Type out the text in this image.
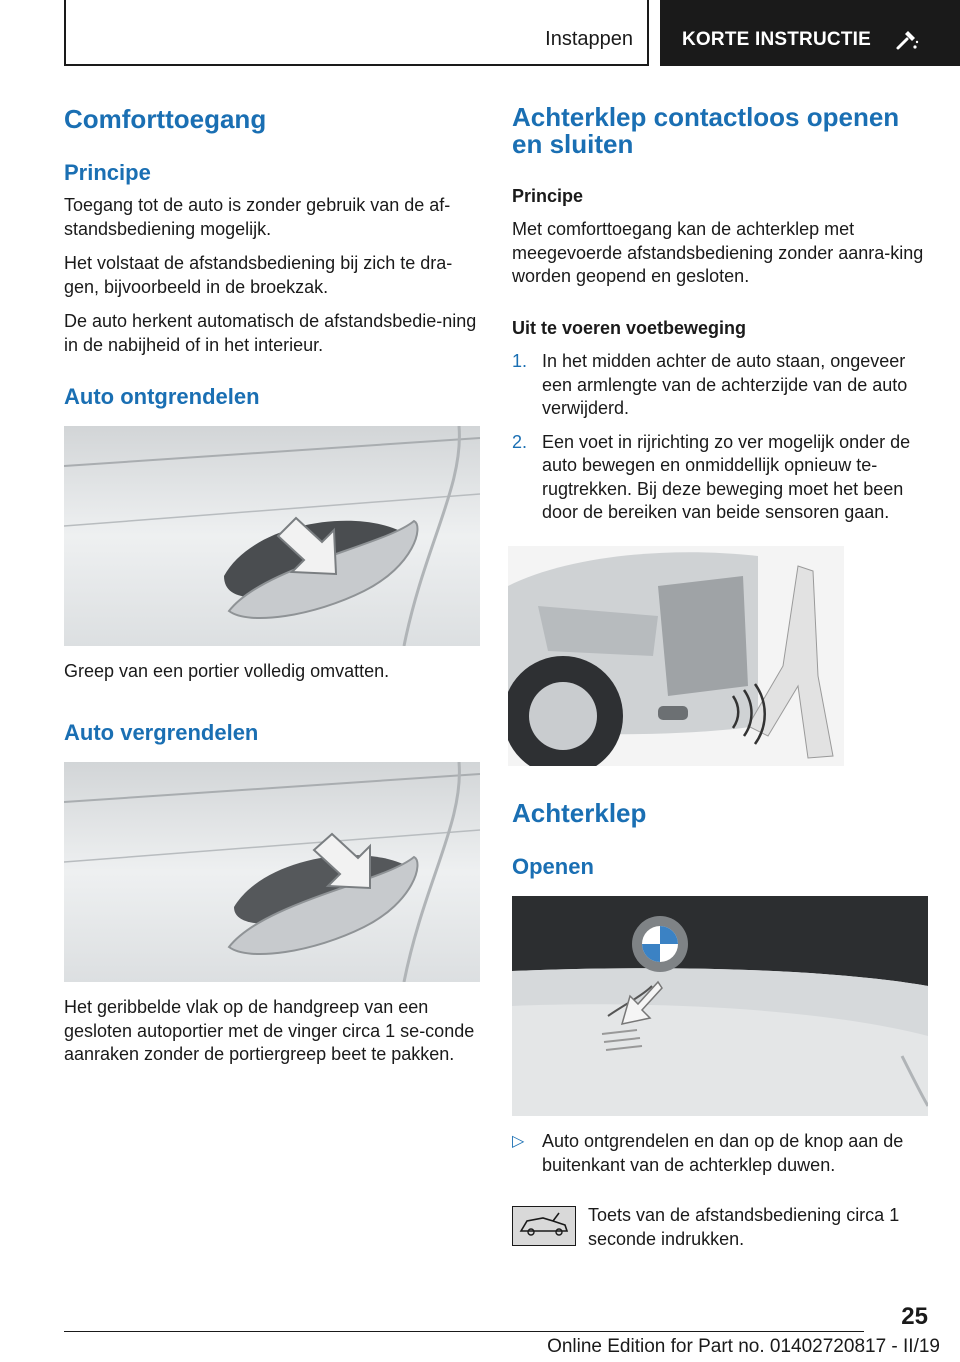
Instappen	KORTE INSTRUCTIE
Comforttoegang
Principe

Toegang tot de auto is zonder gebruik van de af-standsbediening mogelijk.

Het volstaat de afstandsbediening bij zich te dra-gen, bijvoorbeeld in de broekzak.

De auto herkent automatisch de afstandsbedie-ning in de nabijheid of in het interieur.

Auto ontgrendelen

Greep van een portier volledig omvatten.

Auto vergrendelen

Het geribbelde vlak op de handgreep van een gesloten autoportier met de vinger circa 1 se-conde aanraken zonder de portiergreep beet te pakken.

Achterklep contactloos openen en sluiten
Principe

Met comforttoegang kan de achterklep met meegevoerde afstandsbediening zonder aanra-king worden geopend en gesloten.

Uit te voeren voetbeweging
1. In het midden achter de auto staan, ongeveer een armlengte van de achterzijde van de auto verwijderd.
2. Een voet in rijrichting zo ver mogelijk onder de auto bewegen en onmiddellijk opnieuw te-rugtrekken. Bij deze beweging moet het been door de bereiken van beide sensoren gaan.
Achterklep
Openen
▷ Auto ontgrendelen en dan op de knop aan de buitenkant van de achterklep duwen.

Toets van de afstandsbediening circa 1 seconde indrukken.

25
Online Edition for Part no. 01402720817 - II/19
